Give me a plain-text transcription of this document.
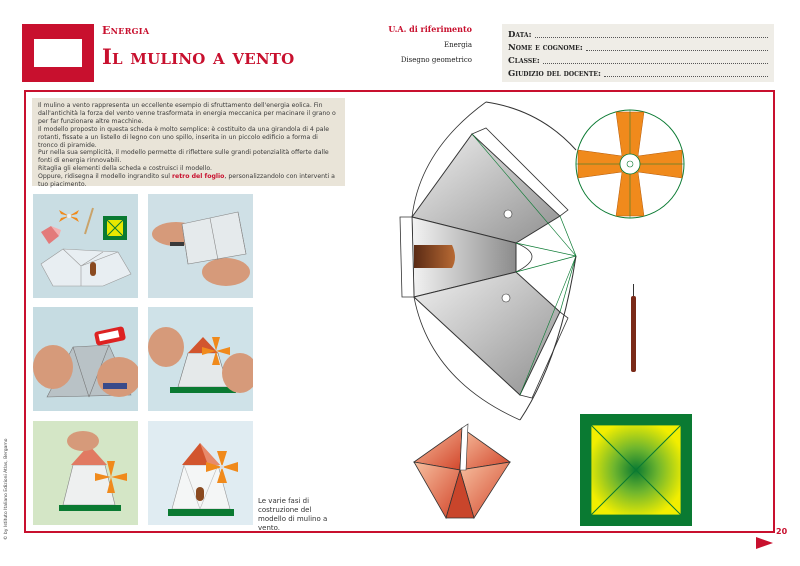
Energia
Il mulino a vento
U.A. di riferimento
Energia
Disegno geometrico
Data:
Nome e cognome:
Classe:
Giudizio del docente:

Il mulino a vento rappresenta un eccellente esempio di sfruttamento dell'energia eolica. Fin dall'antichità la forza del vento venne trasformata in energia meccanica per macinare il grano o per far funzionare altre macchine.

Il modello proposto in questa scheda è molto semplice: è costituito da una girandola di 4 pale rotanti, fissate a un listello di legno con uno spillo, inserita in un piccolo edificio a forma di tronco di piramide.

Pur nella sua semplicità, il modello permette di riflettere sulle grandi potenzialità offerte dalle fonti di energia rinnovabili.

Ritaglia gli elementi della scheda e costruisci il modello.

Oppure, ridisegna il modello ingrandito sul retro del foglio, personalizzandolo con interventi a tuo piacimento.

Le varie fasi di costruzione del modello di mulino a vento.
© by Istituto Italiano Edizioni Atlas, Bergamo	20
